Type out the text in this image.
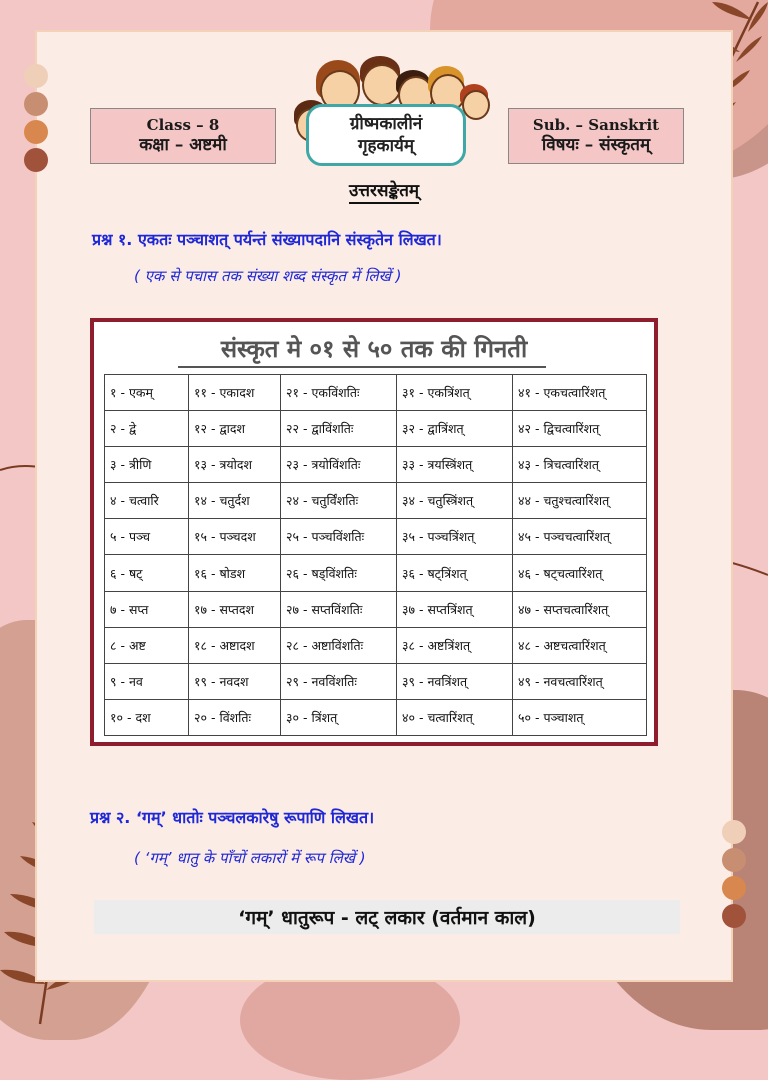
Class – 8
कक्षा – अष्टमी
Sub. – Sanskrit
विषयः – संस्कृतम्
ग्रीष्मकालीनं
गृहकार्यम्
उत्तरसङ्केतम्
प्रश्न १. एकतः पञ्चाशत् पर्यन्तं संख्यापदानि संस्कृतेन लिखत।
( एक से पचास तक संख्या शब्द संस्कृत में लिखें )
संस्कृत मे ०१ से ५० तक की गिनती
१ - एकम्	११ - एकादश	२१ - एकविंशतिः	३१ - एकत्रिंशत्	४१ - एकचत्वारिंशत्
२ - द्वे	१२ - द्वादश	२२ - द्वाविंशतिः	३२ - द्वात्रिंशत्	४२ - द्विचत्वारिंशत्
३ - त्रीणि	१३ - त्रयोदश	२३ - त्रयोविंशतिः	३३ - त्रयस्त्रिंशत्	४३ - त्रिचत्वारिंशत्
४ - चत्वारि	१४ - चतुर्दश	२४ - चतुर्विंशतिः	३४ - चतुस्त्रिंशत्	४४ - चतुश्चत्वारिंशत्
५ - पञ्च	१५ - पञ्चदश	२५ - पञ्चविंशतिः	३५ - पञ्चत्रिंशत्	४५ - पञ्चचत्वारिंशत्
६ - षट्	१६ - षोडश	२६ - षड्विंशतिः	३६ - षट्त्रिंशत्	४६ - षट्चत्वारिंशत्
७ - सप्त	१७ - सप्तदश	२७ - सप्तविंशतिः	३७ - सप्तत्रिंशत्	४७ - सप्तचत्वारिंशत्
८ - अष्ट	१८ - अष्टादश	२८ - अष्टाविंशतिः	३८ - अष्टत्रिंशत्	४८ - अष्टचत्वारिंशत्
९ - नव	१९ - नवदश	२९ - नवविंशतिः	३९ - नवत्रिंशत्	४९ - नवचत्वारिंशत्
१० - दश	२० - विंशतिः	३० - त्रिंशत्	४० - चत्वारिंशत्	५० - पञ्चाशत्
प्रश्न २. ‘गम्’ धातोः पञ्चलकारेषु रूपाणि लिखत।
( ‘गम्’ धातु के पाँचों लकारों में रूप लिखें )
‘गम्’ धातुरूप - लट् लकार (वर्तमान काल)
